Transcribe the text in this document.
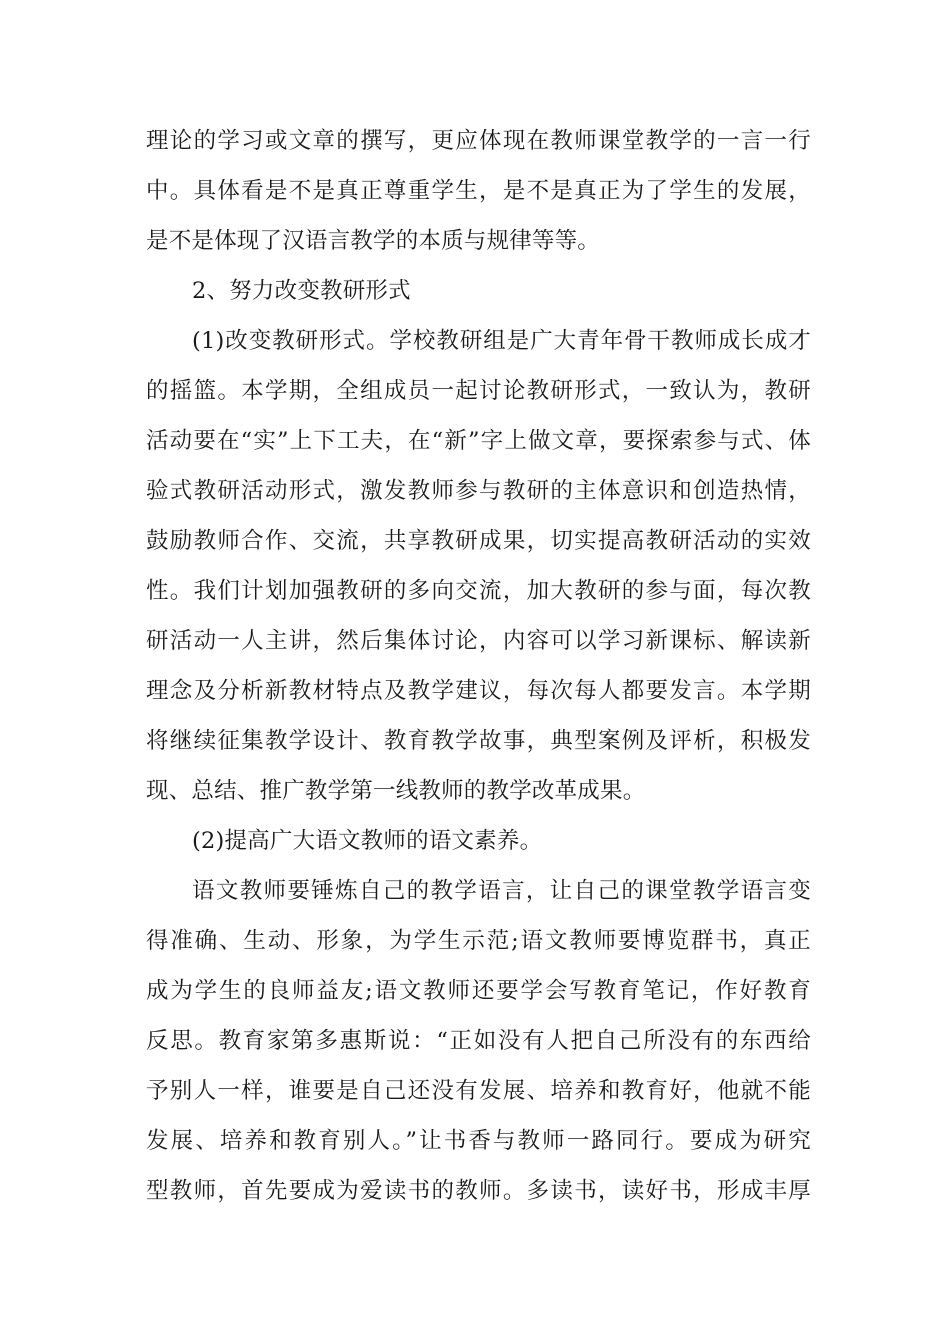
理论的学习或文章的撰写，更应体现在教师课堂教学的一言一行
中。具体看是不是真正尊重学生，是不是真正为了学生的发展，
是不是体现了汉语言教学的本质与规律等等。
2、努力改变教研形式
(1)改变教研形式。学校教研组是广大青年骨干教师成长成才
的摇篮。本学期，全组成员一起讨论教研形式，一致认为，教研
活动要在“实”上下工夫，在“新”字上做文章，要探索参与式、体
验式教研活动形式，激发教师参与教研的主体意识和创造热情，
鼓励教师合作、交流，共享教研成果，切实提高教研活动的实效
性。我们计划加强教研的多向交流，加大教研的参与面，每次教
研活动一人主讲，然后集体讨论，内容可以学习新课标、解读新
理念及分析新教材特点及教学建议，每次每人都要发言。本学期
将继续征集教学设计、教育教学故事，典型案例及评析，积极发
现、总结、推广教学第一线教师的教学改革成果。
(2)提高广大语文教师的语文素养。
语文教师要锤炼自己的教学语言，让自己的课堂教学语言变
得准确、生动、形象，为学生示范;语文教师要博览群书，真正
成为学生的良师益友;语文教师还要学会写教育笔记，作好教育
反思。教育家第多惠斯说：“正如没有人把自己所没有的东西给
予别人一样，谁要是自己还没有发展、培养和教育好，他就不能
发展、培养和教育别人。”让书香与教师一路同行。要成为研究
型教师，首先要成为爱读书的教师。多读书，读好书，形成丰厚
